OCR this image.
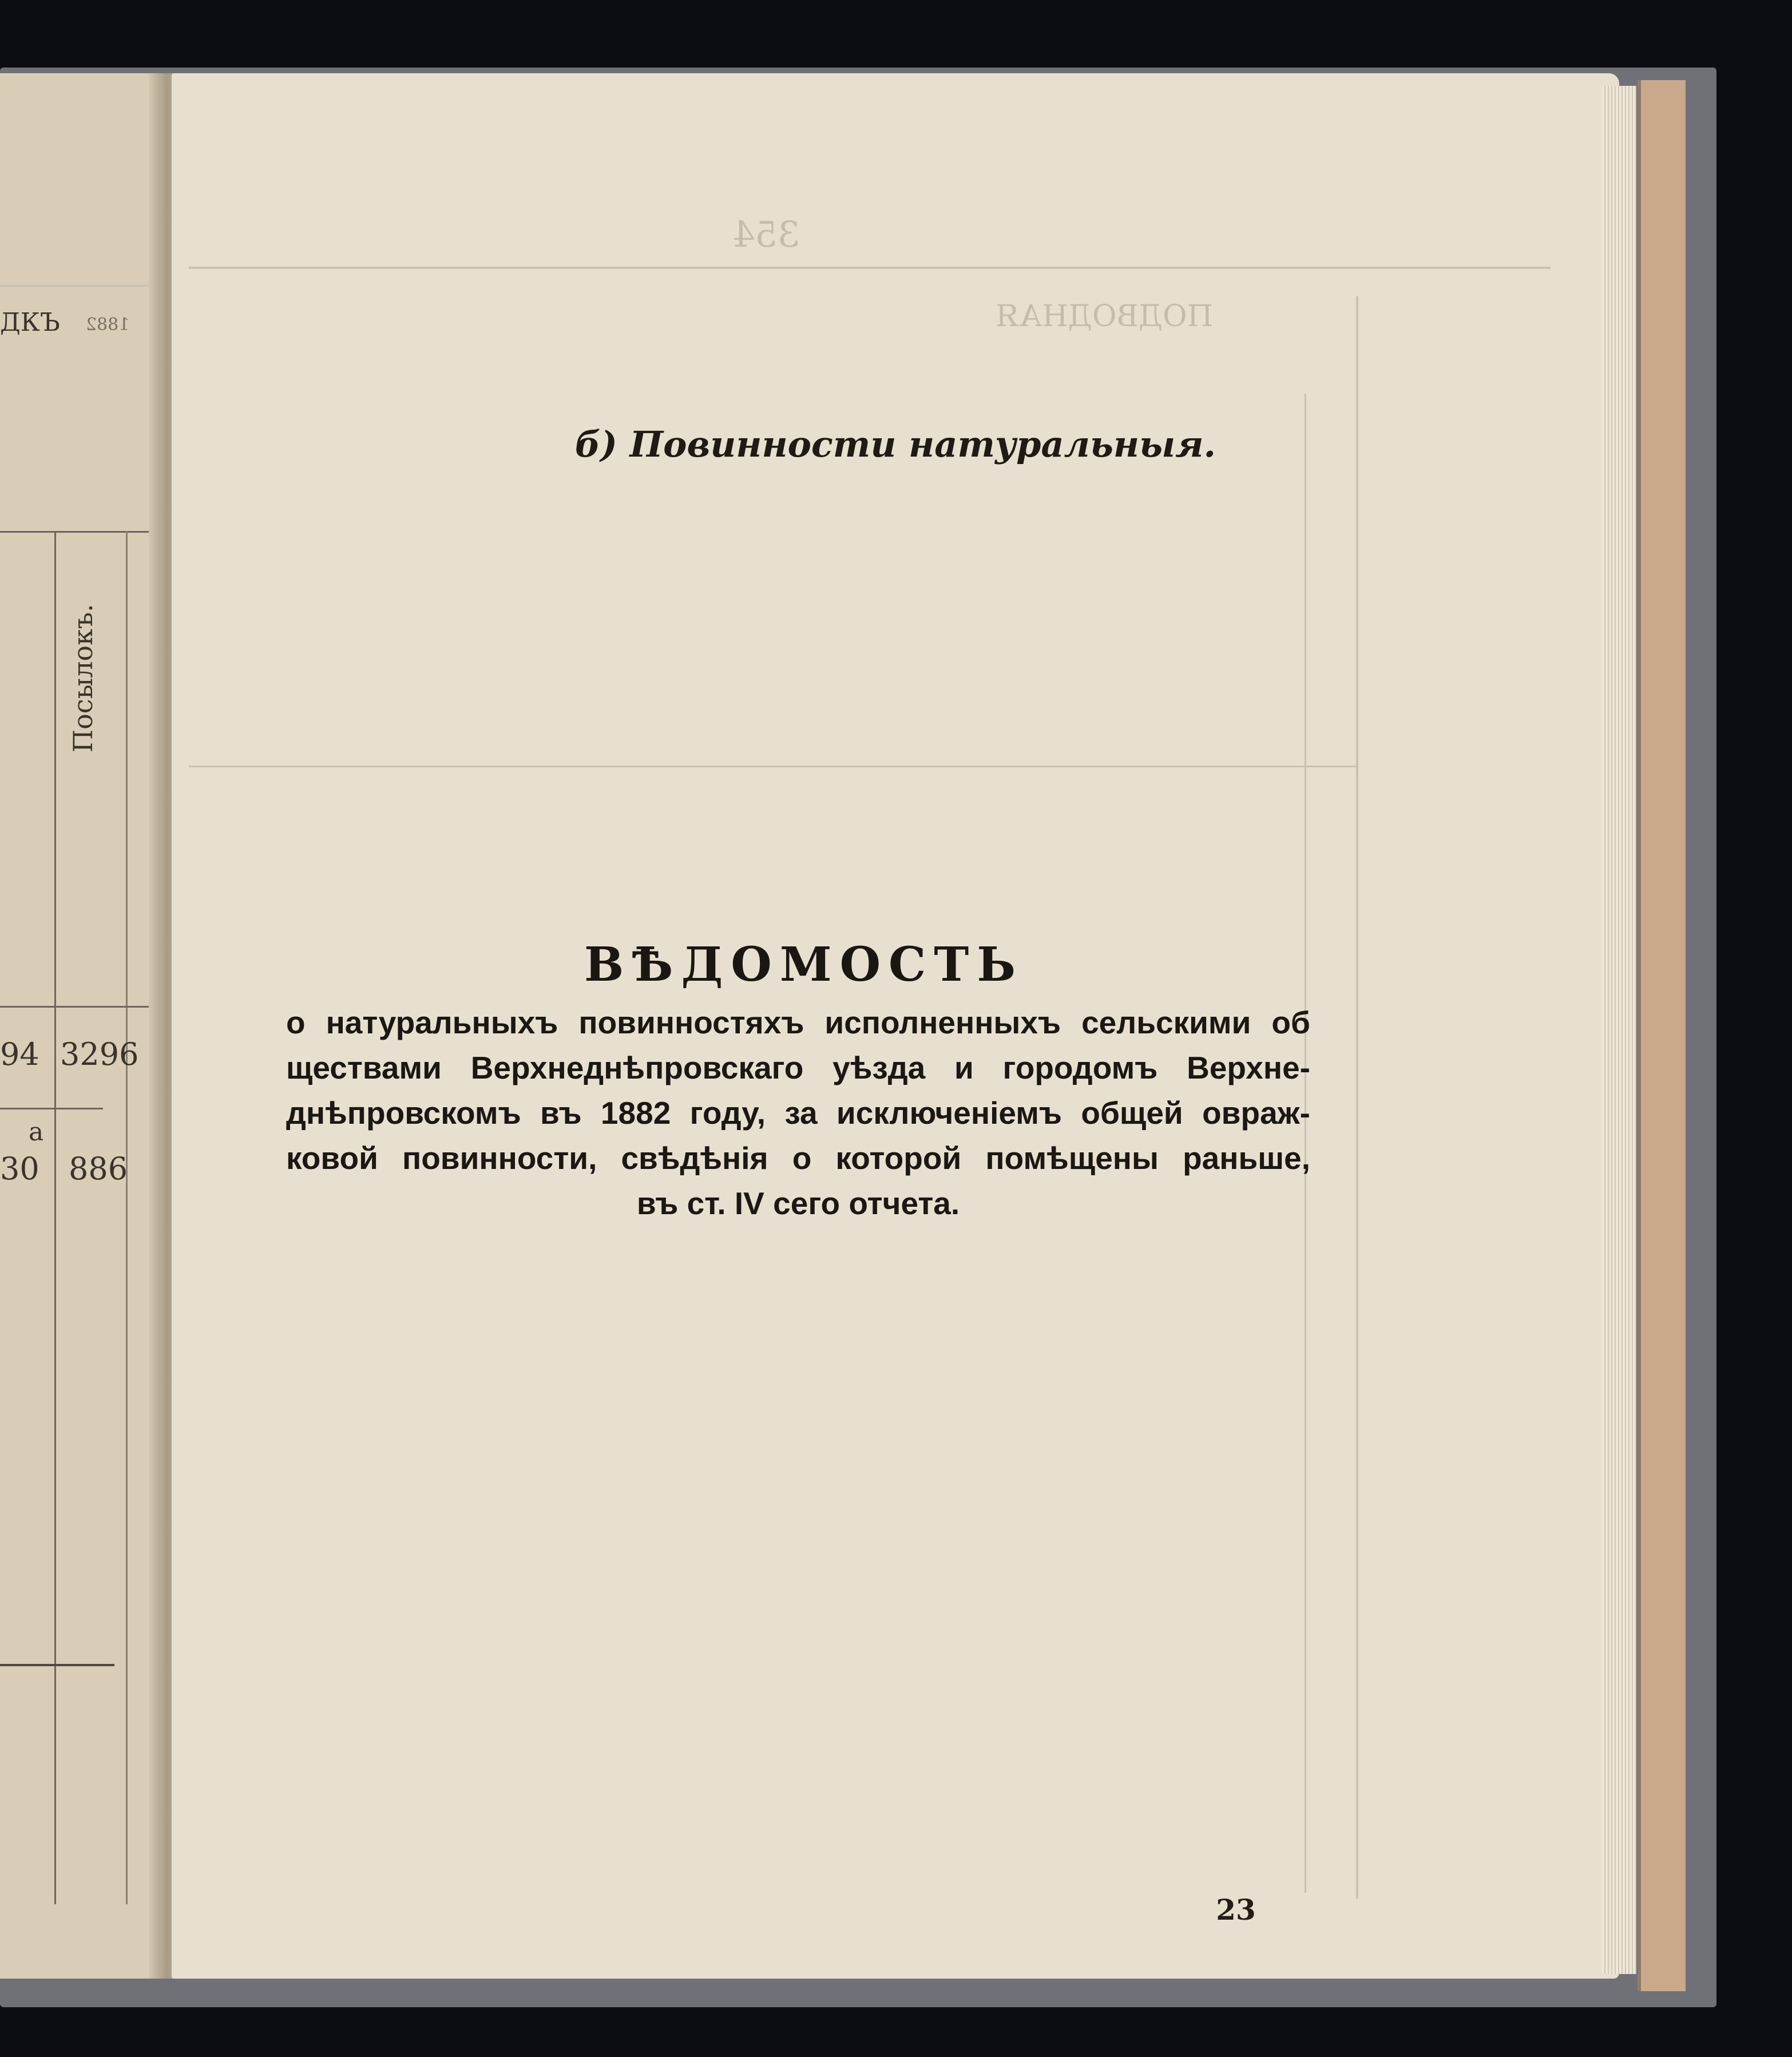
ДКЪ 1882
Посылокъ.
94 3296
а
30 886
354
ПОДВОДНАЯ
б) Повинности натуральныя.
ВѢДОМОСТЬ
о натуральныхъ повинностяхъ исполненныхъ сельскими об
ществами Верхнеднѣпровскаго уѣзда и городомъ Верхне-
днѣпровскомъ въ 1882 году, за исключеніемъ общей овраж-
ковой повинности, свѣдѣнія о которой помѣщены раньше,
въ ст. IV сего отчета.
23
